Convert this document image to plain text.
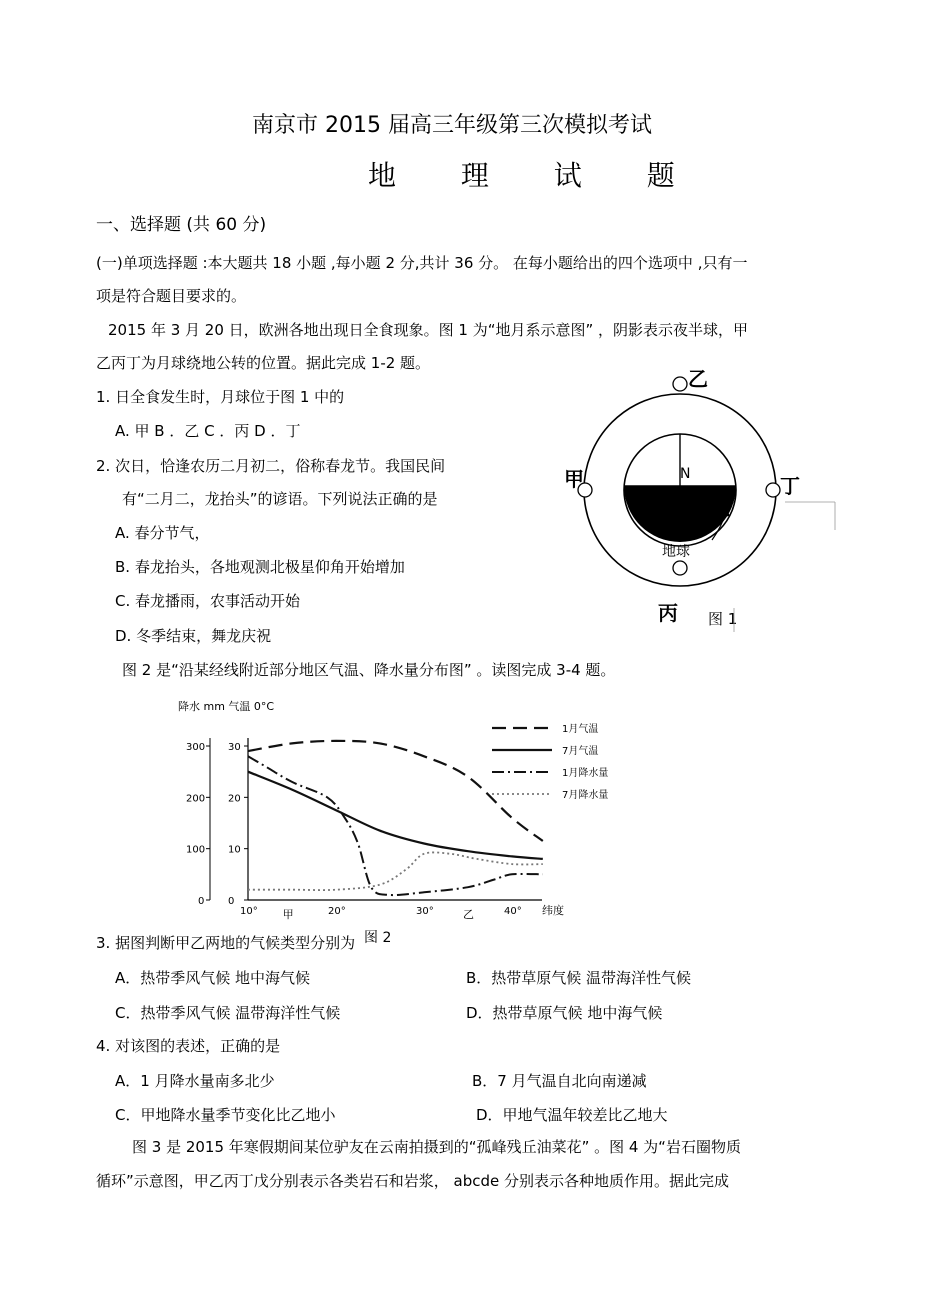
南京市 2015 届高三年级第三次模拟考试
地 理 试 题
一、选择题 (共 60 分)
(一)单项选择题 :本大题共 18 小题 ,每小题 2 分,共计 36 分。 在每小题给出的四个选项中 ,只有一
项是符合题目要求的。
2015 年 3 月 20 日，欧洲各地出现日全食现象。图 1 为“地月系示意图” ，阴影表示夜半球，甲
乙丙丁为月球绕地公转的位置。据此完成 1-2 题。
1. 日全食发生时，月球位于图 1 中的
A. 甲 B ．乙 C ．丙 D ．丁
2. 次日，恰逢农历二月初二，俗称春龙节。我国民间
有“二月二，龙抬头”的谚语。下列说法正确的是
A. 春分节气，
B. 春龙抬头，各地观测北极星仰角开始增加
C. 春龙播雨，农事活动开始
D. 冬季结束，舞龙庆祝
N
地球
乙
甲	丁
丙 图 1
图 2 是“沿某经线附近部分地区气温、降水量分布图” 。读图完成 3-4 题。
降水 mm 气温 0°C
30
20
10
0
300
200
100
0
10°	20°	30°	40°
甲	乙
1月气温
7月气温
1月降水量
7月降水量
纬度
图 2
3. 据图判断甲乙两地的气候类型分别为
A．热带季风气候 地中海气候	B．热带草原气候 温带海洋性气候
C．热带季风气候 温带海洋性气候	D．热带草原气候 地中海气候
4. 对该图的表述，正确的是
A．1 月降水量南多北少	B．7 月气温自北向南递减
C．甲地降水量季节变化比乙地小	D．甲地气温年较差比乙地大
图 3 是 2015 年寒假期间某位驴友在云南拍摄到的“孤峰残丘油菜花” 。图 4 为“岩石圈物质
循环”示意图，甲乙丙丁戊分别表示各类岩石和岩浆， abcde 分别表示各种地质作用。据此完成
